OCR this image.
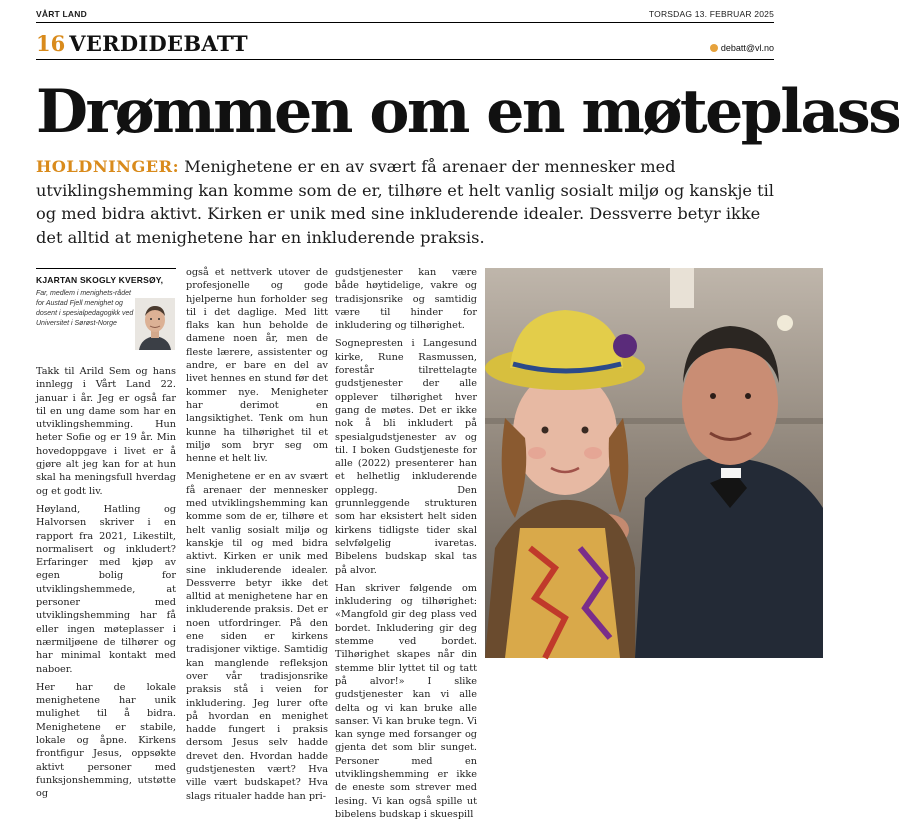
VÅRT LAND	TORSDAG 13. FEBRUAR 2025
16 VERDIDEBATT	debatt@vl.no
Drømmen om en møteplass
HOLDNINGER: Menighetene er en av svært få arenaer der mennesker med utviklingshemming kan komme som de er, tilhøre et helt vanlig sosialt miljø og kanskje til og med bidra aktivt. Kirken er unik med sine inkluderende idealer. Dessverre betyr ikke det alltid at menighetene har en inkluderende praksis.
KJARTAN SKOGLY KVERSØY,
Far, medlem i menighets-rådet for Austad Fjell menighet og dosent i spesialpedagogikk ved Universitet i Sørøst-Norge

Takk til Arild Sem og hans innlegg i Vårt Land 22. januar i år. Jeg er også far til en ung dame som har en utviklingshemming. Hun heter Sofie og er 19 år. Min hovedoppgave i livet er å gjøre alt jeg kan for at hun skal ha meningsfull hverdag og et godt liv.

Høyland, Hatling og Halvorsen skriver i en rapport fra 2021, Likestilt, normalisert og inkludert? Erfaringer med kjøp av egen bolig for utviklingshemmede, at personer med utviklingshemming har få eller ingen møteplasser i nærmiljøene de tilhører og har minimal kontakt med naboer.

Her har de lokale menighetene har unik mulighet til å bidra. Menighetene er stabile, lokale og åpne. Kirkens frontfigur Jesus, oppsøkte aktivt personer med funksjonshemming, utstøtte og

også et nettverk utover de profesjonelle og gode hjelperne hun forholder seg til i det daglige. Med litt flaks kan hun beholde de damene noen år, men de fleste lærere, assistenter og andre, er bare en del av livet hennes en stund før det kommer nye. Menigheter har derimot en langsiktighet. Tenk om hun kunne ha tilhørighet til et miljø som bryr seg om henne et helt liv.

Menighetene er en av svært få arenaer der mennesker med utviklingshemming kan komme som de er, tilhøre et helt vanlig sosialt miljø og kanskje til og med bidra aktivt. Kirken er unik med sine inkluderende idealer. Dessverre betyr ikke det alltid at menighetene har en inkluderende praksis. Det er noen utfordringer. På den ene siden er kirkens tradisjoner viktige. Samtidig kan manglende refleksjon over vår tradisjonsrike praksis stå i veien for inkludering. Jeg lurer ofte på hvordan en menighet hadde fungert i praksis dersom Jesus selv hadde drevet den. Hvordan hadde gudstjenesten vært? Hva ville vært budskapet? Hva slags ritualer hadde han pri-

gudstjenester kan være både høytidelige, vakre og tradisjonsrike og samtidig være til hinder for inkludering og tilhørighet.

Sognepresten i Langesund kirke, Rune Rasmussen, forestår tilrettelagte gudstjenester der alle opplever tilhørighet hver gang de møtes. Det er ikke nok å bli inkludert på spesialgudstjenester av og til. I boken Gudstjeneste for alle (2022) presenterer han et helhetlig inkluderende opplegg. Den grunnleggende strukturen som har eksistert helt siden kirkens tidligste tider skal selvfølgelig ivaretas. Bibelens budskap skal tas på alvor.

Han skriver følgende om inkludering og tilhørighet: «Mangfold gir deg plass ved bordet. Inkludering gir deg stemme ved bordet. Tilhørighet skapes når din stemme blir lyttet til og tatt på alvor!» I slike gudstjenester kan vi alle delta og vi kan bruke alle sanser. Vi kan bruke tegn. Vi kan synge med forsanger og gjenta det som blir sunget. Personer med en utviklingshemming er ikke de eneste som strever med lesing. Vi kan også spille ut bibelens budskap i skuespill
